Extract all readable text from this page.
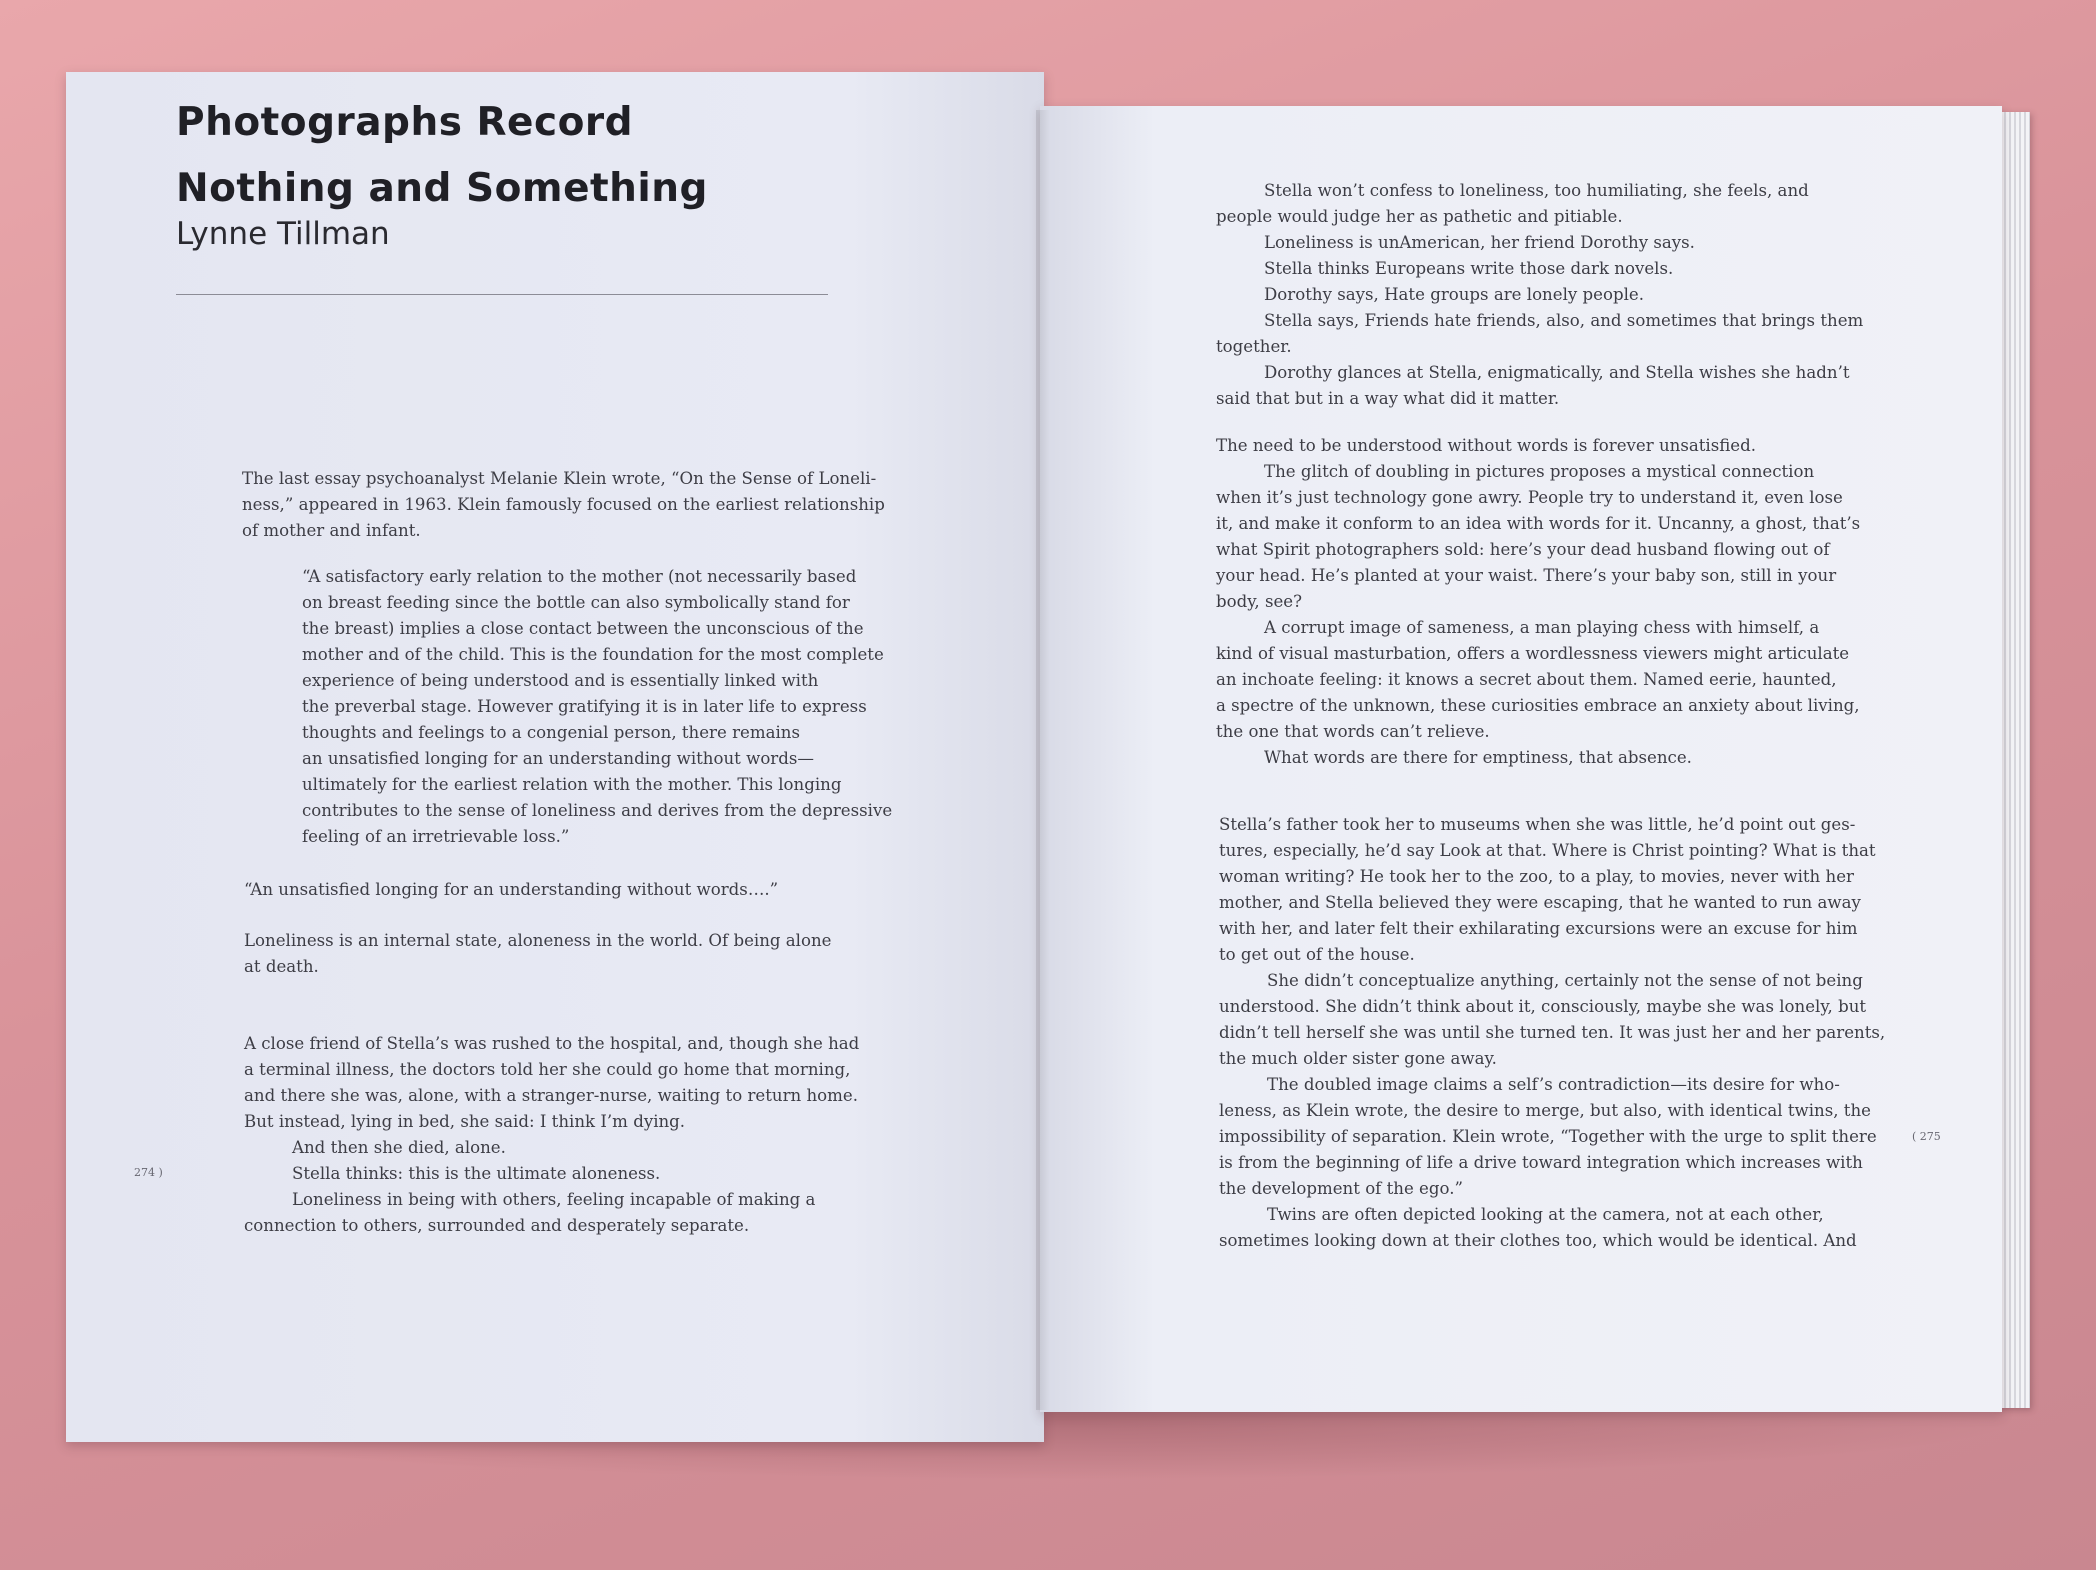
Photographs Record
Nothing and Something
Lynne Tillman

The last essay psychoanalyst Melanie Klein wrote, “On the Sense of Loneli-
ness,” appeared in 1963. Klein famously focused on the earliest relationship
of mother and infant.

“A satisfactory early relation to the mother (not necessarily based
on breast feeding since the bottle can also symbolically stand for
the breast) implies a close contact between the unconscious of the
mother and of the child. This is the foundation for the most complete
experience of being understood and is essentially linked with
the preverbal stage. However gratifying it is in later life to express
thoughts and feelings to a congenial person, there remains
an unsatisfied longing for an understanding without words—
ultimately for the earliest relation with the mother. This longing
contributes to the sense of loneliness and derives from the depressive
feeling of an irretrievable loss.”

“An unsatisfied longing for an understanding without words….”

Loneliness is an internal state, aloneness in the world. Of being alone
at death.

A close friend of Stella’s was rushed to the hospital, and, though she had
a terminal illness, the doctors told her she could go home that morning,
and there she was, alone, with a stranger-nurse, waiting to return home.
But instead, lying in bed, she said: I think I’m dying.
And then she died, alone.
Stella thinks: this is the ultimate aloneness.
Loneliness in being with others, feeling incapable of making a
connection to others, surrounded and desperately separate.

274 )

Stella won’t confess to loneliness, too humiliating, she feels, and
people would judge her as pathetic and pitiable.
Loneliness is unAmerican, her friend Dorothy says.
Stella thinks Europeans write those dark novels.
Dorothy says, Hate groups are lonely people.
Stella says, Friends hate friends, also, and sometimes that brings them
together.
Dorothy glances at Stella, enigmatically, and Stella wishes she hadn’t
said that but in a way what did it matter.

The need to be understood without words is forever unsatisfied.
The glitch of doubling in pictures proposes a mystical connection
when it’s just technology gone awry. People try to understand it, even lose
it, and make it conform to an idea with words for it. Uncanny, a ghost, that’s
what Spirit photographers sold: here’s your dead husband flowing out of
your head. He’s planted at your waist. There’s your baby son, still in your
body, see?
A corrupt image of sameness, a man playing chess with himself, a
kind of visual masturbation, offers a wordlessness viewers might articulate
an inchoate feeling: it knows a secret about them. Named eerie, haunted,
a spectre of the unknown, these curiosities embrace an anxiety about living,
the one that words can’t relieve.
What words are there for emptiness, that absence.

Stella’s father took her to museums when she was little, he’d point out ges-
tures, especially, he’d say Look at that. Where is Christ pointing? What is that
woman writing? He took her to the zoo, to a play, to movies, never with her
mother, and Stella believed they were escaping, that he wanted to run away
with her, and later felt their exhilarating excursions were an excuse for him
to get out of the house.
She didn’t conceptualize anything, certainly not the sense of not being
understood. She didn’t think about it, consciously, maybe she was lonely, but
didn’t tell herself she was until she turned ten. It was just her and her parents,
the much older sister gone away.
The doubled image claims a self’s contradiction—its desire for who-
leness, as Klein wrote, the desire to merge, but also, with identical twins, the
impossibility of separation. Klein wrote, “Together with the urge to split there
is from the beginning of life a drive toward integration which increases with
the development of the ego.”
Twins are often depicted looking at the camera, not at each other,
sometimes looking down at their clothes too, which would be identical. And

( 275
